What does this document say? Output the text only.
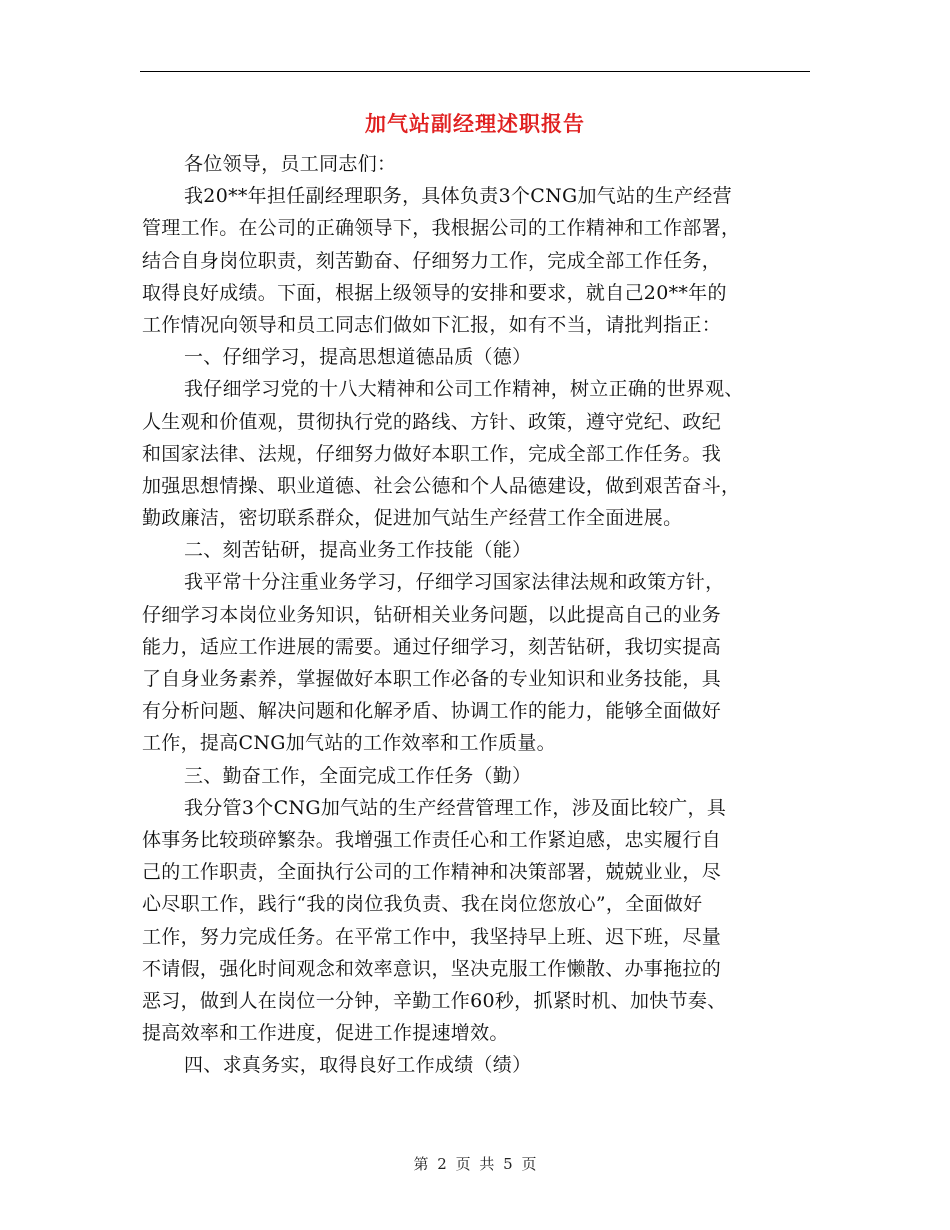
加气站副经理述职报告
各位领导，员工同志们：
我20**年担任副经理职务，具体负责3个CNG加气站的生产经营
管理工作。在公司的正确领导下，我根据公司的工作精神和工作部署，
结合自身岗位职责，刻苦勤奋、仔细努力工作，完成全部工作任务，
取得良好成绩。下面，根据上级领导的安排和要求，就自己20**年的
工作情况向领导和员工同志们做如下汇报，如有不当，请批判指正：
一、仔细学习，提高思想道德品质（德）
我仔细学习党的十八大精神和公司工作精神，树立正确的世界观、
人生观和价值观，贯彻执行党的路线、方针、政策，遵守党纪、政纪
和国家法律、法规，仔细努力做好本职工作，完成全部工作任务。我
加强思想情操、职业道德、社会公德和个人品德建设，做到艰苦奋斗，
勤政廉洁，密切联系群众，促进加气站生产经营工作全面进展。
二、刻苦钻研，提高业务工作技能（能）
我平常十分注重业务学习，仔细学习国家法律法规和政策方针，
仔细学习本岗位业务知识，钻研相关业务问题，以此提高自己的业务
能力，适应工作进展的需要。通过仔细学习，刻苦钻研，我切实提高
了自身业务素养，掌握做好本职工作必备的专业知识和业务技能，具
有分析问题、解决问题和化解矛盾、协调工作的能力，能够全面做好
工作，提高CNG加气站的工作效率和工作质量。
三、勤奋工作，全面完成工作任务（勤）
我分管3个CNG加气站的生产经营管理工作，涉及面比较广，具
体事务比较琐碎繁杂。我增强工作责任心和工作紧迫感，忠实履行自
己的工作职责，全面执行公司的工作精神和决策部署，兢兢业业，尽
心尽职工作，践行“我的岗位我负责、我在岗位您放心”，全面做好
工作，努力完成任务。在平常工作中，我坚持早上班、迟下班，尽量
不请假，强化时间观念和效率意识，坚决克服工作懒散、办事拖拉的
恶习，做到人在岗位一分钟，辛勤工作60秒，抓紧时机、加快节奏、
提高效率和工作进度，促进工作提速增效。
四、求真务实，取得良好工作成绩（绩）
第 2 页 共 5 页
